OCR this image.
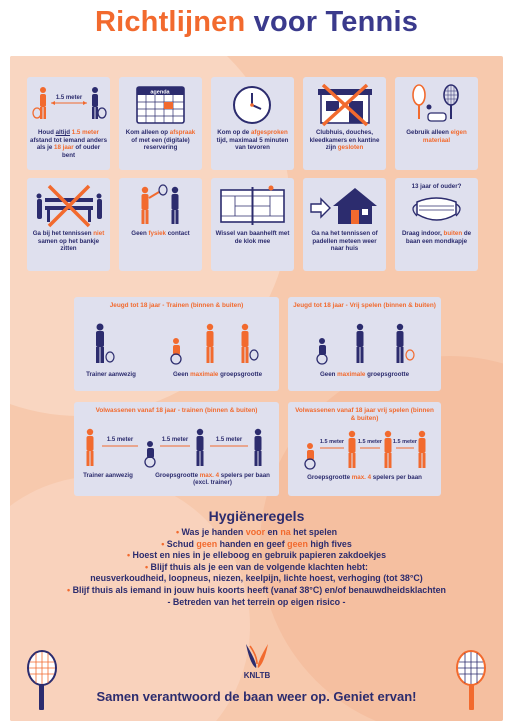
Richtlijnen voor Tennis
1.5 meter
Houd altijd 1.5 meter afstand tot iemand anders als je 18 jaar of ouder bent
agenda
Kom alleen op afspraak of met een (digitale) reservering
Kom op de afgesproken tijd, maximaal 5 minuten van tevoren
Clubhuis, douches, kleedkamers en kantine zijn gesloten
Gebruik alleen eigen materiaal
Ga bij het tennissen niet samen op het bankje zitten
Geen fysiek contact	Wissel van baanhelft met de klok mee
Ga na het tennissen of padellen meteen weer naar huis
13 jaar of ouder?
Draag indoor, buiten de baan een mondkapje
Jeugd tot 18 jaar - Trainen (binnen & buiten)
Trainer aanwezig	Geen maximale groepsgrootte
Jeugd tot 18 jaar - Vrij spelen (binnen & buiten)
Geen maximale groepsgrootte
Volwassenen vanaf 18 jaar - trainen (binnen & buiten)
1.5 meter	1.5 meter	1.5 meter
Trainer aanwezig	Groepsgrootte max. 4 spelers per baan (excl. trainer)
Volwassenen vanaf 18 jaar vrij spelen (binnen & buiten)
1.5 meter	1.5 meter 1.5 meter
Groepsgrootte max. 4 spelers per baan
Hygiëneregels
• Was je handen voor en na het spelen
• Schud geen handen en geef geen high fives
• Hoest en nies in je elleboog en gebruik papieren zakdoekjes
• Blijf thuis als je een van de volgende klachten hebt:
neusverkoudheid, loopneus, niezen, keelpijn, lichte hoest, verhoging (tot 38°C)
• Blijf thuis als iemand in jouw huis koorts heeft (vanaf 38°C) en/of benauwdheidsklachten
- Betreden van het terrein op eigen risico -
KNLTB
Samen verantwoord de baan weer op. Geniet ervan!
